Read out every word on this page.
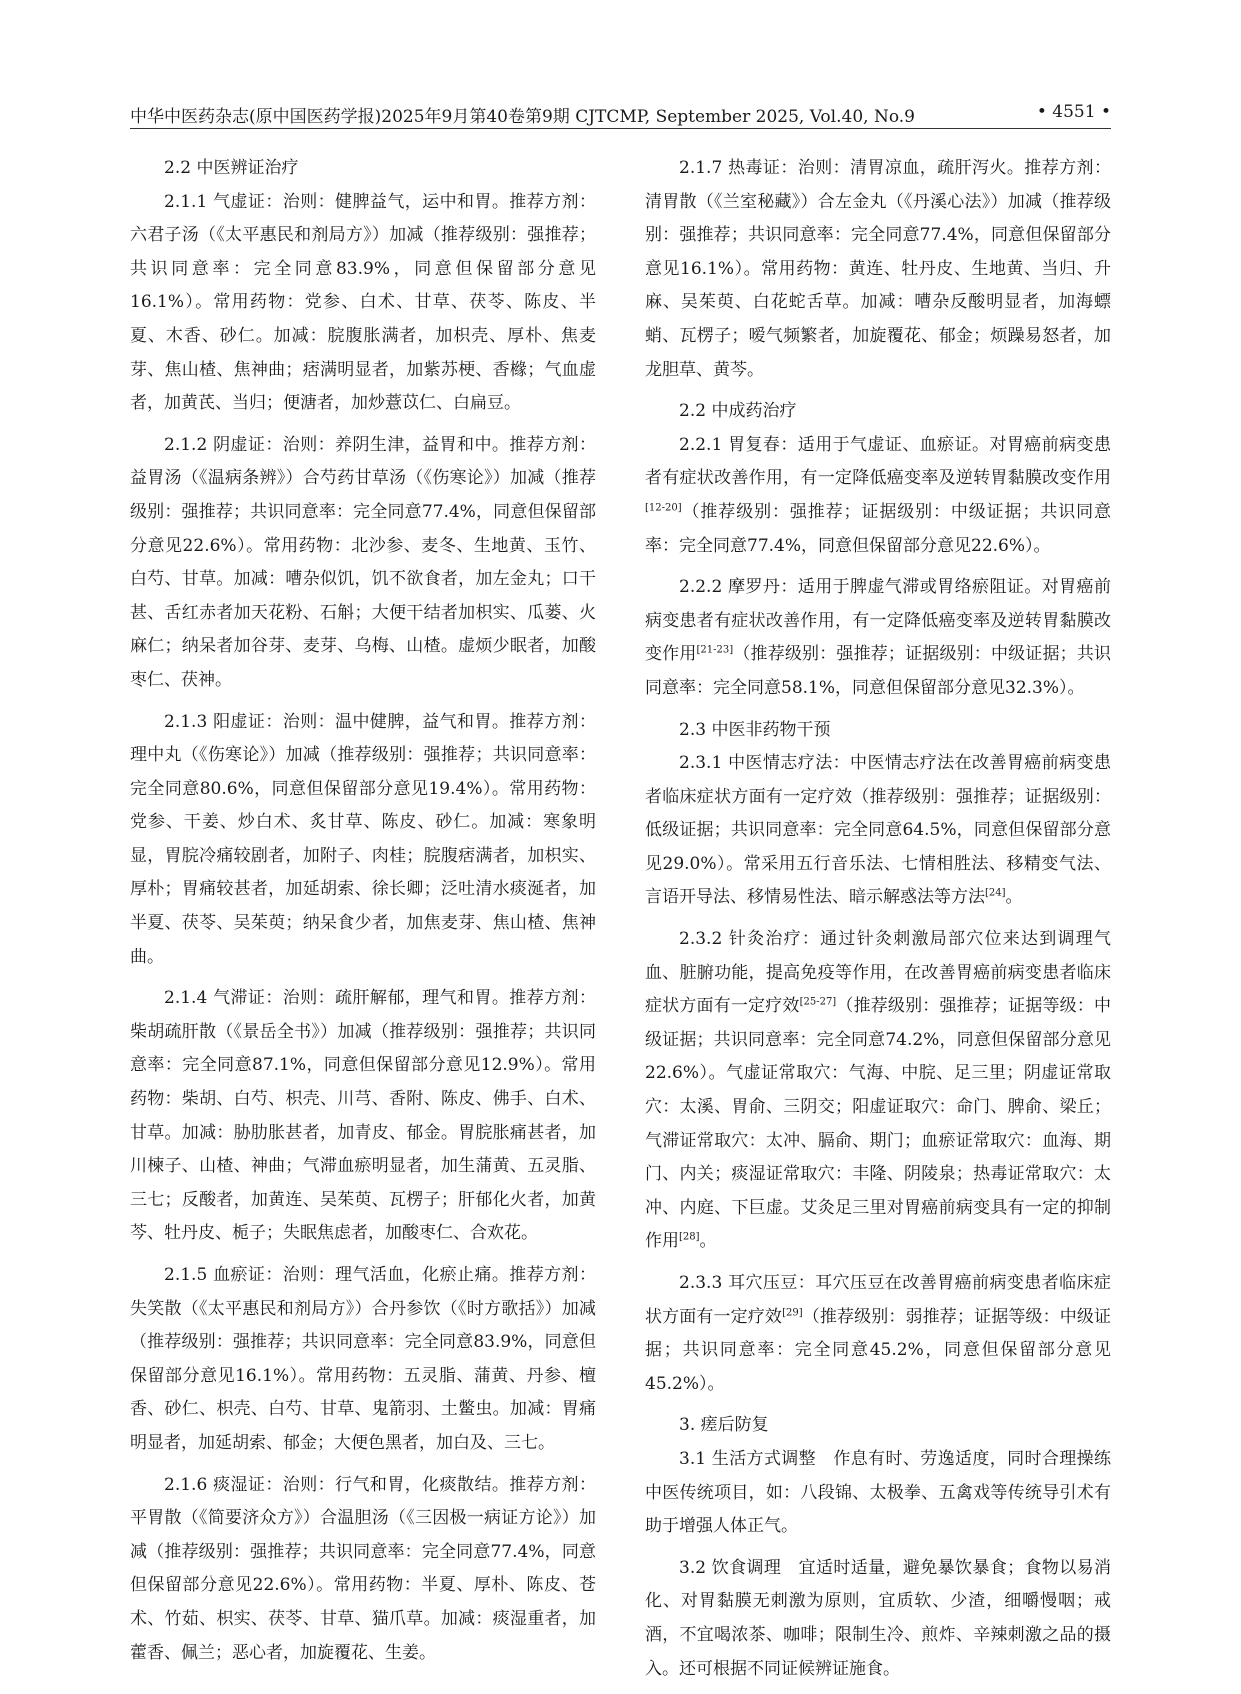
中华中医药杂志(原中国医药学报)2025年9月第40卷第9期 CJTCMP, September 2025, Vol.40, No.9	• 4551 •

2.2 中医辨证治疗

2.1.1 气虚证：治则：健脾益气，运中和胃。推荐方剂：六君子汤（《太平惠民和剂局方》）加减（推荐级别：强推荐；共识同意率：完全同意83.9%，同意但保留部分意见16.1%）。常用药物：党参、白术、甘草、茯苓、陈皮、半夏、木香、砂仁。加减：脘腹胀满者，加枳壳、厚朴、焦麦芽、焦山楂、焦神曲；痞满明显者，加紫苏梗、香橼；气血虚者，加黄芪、当归；便溏者，加炒薏苡仁、白扁豆。

2.1.2 阴虚证：治则：养阴生津，益胃和中。推荐方剂：益胃汤（《温病条辨》）合芍药甘草汤（《伤寒论》）加减（推荐级别：强推荐；共识同意率：完全同意77.4%，同意但保留部分意见22.6%）。常用药物：北沙参、麦冬、生地黄、玉竹、白芍、甘草。加减：嘈杂似饥，饥不欲食者，加左金丸；口干甚、舌红赤者加天花粉、石斛；大便干结者加枳实、瓜蒌、火麻仁；纳呆者加谷芽、麦芽、乌梅、山楂。虚烦少眠者，加酸枣仁、茯神。

2.1.3 阳虚证：治则：温中健脾，益气和胃。推荐方剂：理中丸（《伤寒论》）加减（推荐级别：强推荐；共识同意率：完全同意80.6%，同意但保留部分意见19.4%）。常用药物：党参、干姜、炒白术、炙甘草、陈皮、砂仁。加减：寒象明显，胃脘冷痛较剧者，加附子、肉桂；脘腹痞满者，加枳实、厚朴；胃痛较甚者，加延胡索、徐长卿；泛吐清水痰涎者，加半夏、茯苓、吴茱萸；纳呆食少者，加焦麦芽、焦山楂、焦神曲。

2.1.4 气滞证：治则：疏肝解郁，理气和胃。推荐方剂：柴胡疏肝散（《景岳全书》）加减（推荐级别：强推荐；共识同意率：完全同意87.1%，同意但保留部分意见12.9%）。常用药物：柴胡、白芍、枳壳、川芎、香附、陈皮、佛手、白术、甘草。加减：胁肋胀甚者，加青皮、郁金。胃脘胀痛甚者，加川楝子、山楂、神曲；气滞血瘀明显者，加生蒲黄、五灵脂、三七；反酸者，加黄连、吴茱萸、瓦楞子；肝郁化火者，加黄芩、牡丹皮、栀子；失眠焦虑者，加酸枣仁、合欢花。

2.1.5 血瘀证：治则：理气活血，化瘀止痛。推荐方剂：失笑散（《太平惠民和剂局方》）合丹参饮（《时方歌括》）加减（推荐级别：强推荐；共识同意率：完全同意83.9%，同意但保留部分意见16.1%）。常用药物：五灵脂、蒲黄、丹参、檀香、砂仁、枳壳、白芍、甘草、鬼箭羽、土鳖虫。加减：胃痛明显者，加延胡索、郁金；大便色黑者，加白及、三七。

2.1.6 痰湿证：治则：行气和胃，化痰散结。推荐方剂：平胃散（《简要济众方》）合温胆汤（《三因极一病证方论》）加减（推荐级别：强推荐；共识同意率：完全同意77.4%，同意但保留部分意见22.6%）。常用药物：半夏、厚朴、陈皮、苍术、竹茹、枳实、茯苓、甘草、猫爪草。加减：痰湿重者，加藿香、佩兰；恶心者，加旋覆花、生姜。

2.1.7 热毒证：治则：清胃凉血，疏肝泻火。推荐方剂：清胃散（《兰室秘藏》）合左金丸（《丹溪心法》）加减（推荐级别：强推荐；共识同意率：完全同意77.4%，同意但保留部分意见16.1%）。常用药物：黄连、牡丹皮、生地黄、当归、升麻、吴茱萸、白花蛇舌草。加减：嘈杂反酸明显者，加海螵蛸、瓦楞子；嗳气频繁者，加旋覆花、郁金；烦躁易怒者，加龙胆草、黄芩。

2.2 中成药治疗

2.2.1 胃复春：适用于气虚证、血瘀证。对胃癌前病变患者有症状改善作用，有一定降低癌变率及逆转胃黏膜改变作用[12-20]（推荐级别：强推荐；证据级别：中级证据；共识同意率：完全同意77.4%，同意但保留部分意见22.6%）。

2.2.2 摩罗丹：适用于脾虚气滞或胃络瘀阻证。对胃癌前病变患者有症状改善作用，有一定降低癌变率及逆转胃黏膜改变作用[21-23]（推荐级别：强推荐；证据级别：中级证据；共识同意率：完全同意58.1%，同意但保留部分意见32.3%）。

2.3 中医非药物干预

2.3.1 中医情志疗法：中医情志疗法在改善胃癌前病变患者临床症状方面有一定疗效（推荐级别：强推荐；证据级别：低级证据；共识同意率：完全同意64.5%，同意但保留部分意见29.0%）。常采用五行音乐法、七情相胜法、移精变气法、言语开导法、移情易性法、暗示解惑法等方法[24]。

2.3.2 针灸治疗：通过针灸刺激局部穴位来达到调理气血、脏腑功能，提高免疫等作用，在改善胃癌前病变患者临床症状方面有一定疗效[25-27]（推荐级别：强推荐；证据等级：中级证据；共识同意率：完全同意74.2%，同意但保留部分意见22.6%）。气虚证常取穴：气海、中脘、足三里；阴虚证常取穴：太溪、胃俞、三阴交；阳虚证取穴：命门、脾俞、梁丘；气滞证常取穴：太冲、膈俞、期门；血瘀证常取穴：血海、期门、内关；痰湿证常取穴：丰隆、阴陵泉；热毒证常取穴：太冲、内庭、下巨虚。艾灸足三里对胃癌前病变具有一定的抑制作用[28]。

2.3.3 耳穴压豆：耳穴压豆在改善胃癌前病变患者临床症状方面有一定疗效[29]（推荐级别：弱推荐；证据等级：中级证据；共识同意率：完全同意45.2%，同意但保留部分意见45.2%）。

3. 瘥后防复

3.1 生活方式调整　作息有时、劳逸适度，同时合理操练中医传统项目，如：八段锦、太极拳、五禽戏等传统导引术有助于增强人体正气。

3.2 饮食调理　宜适时适量，避免暴饮暴食；食物以易消化、对胃黏膜无刺激为原则，宜质软、少渣，细嚼慢咽；戒酒，不宜喝浓茶、咖啡；限制生冷、煎炸、辛辣刺激之品的摄入。还可根据不同证候辨证施食。
